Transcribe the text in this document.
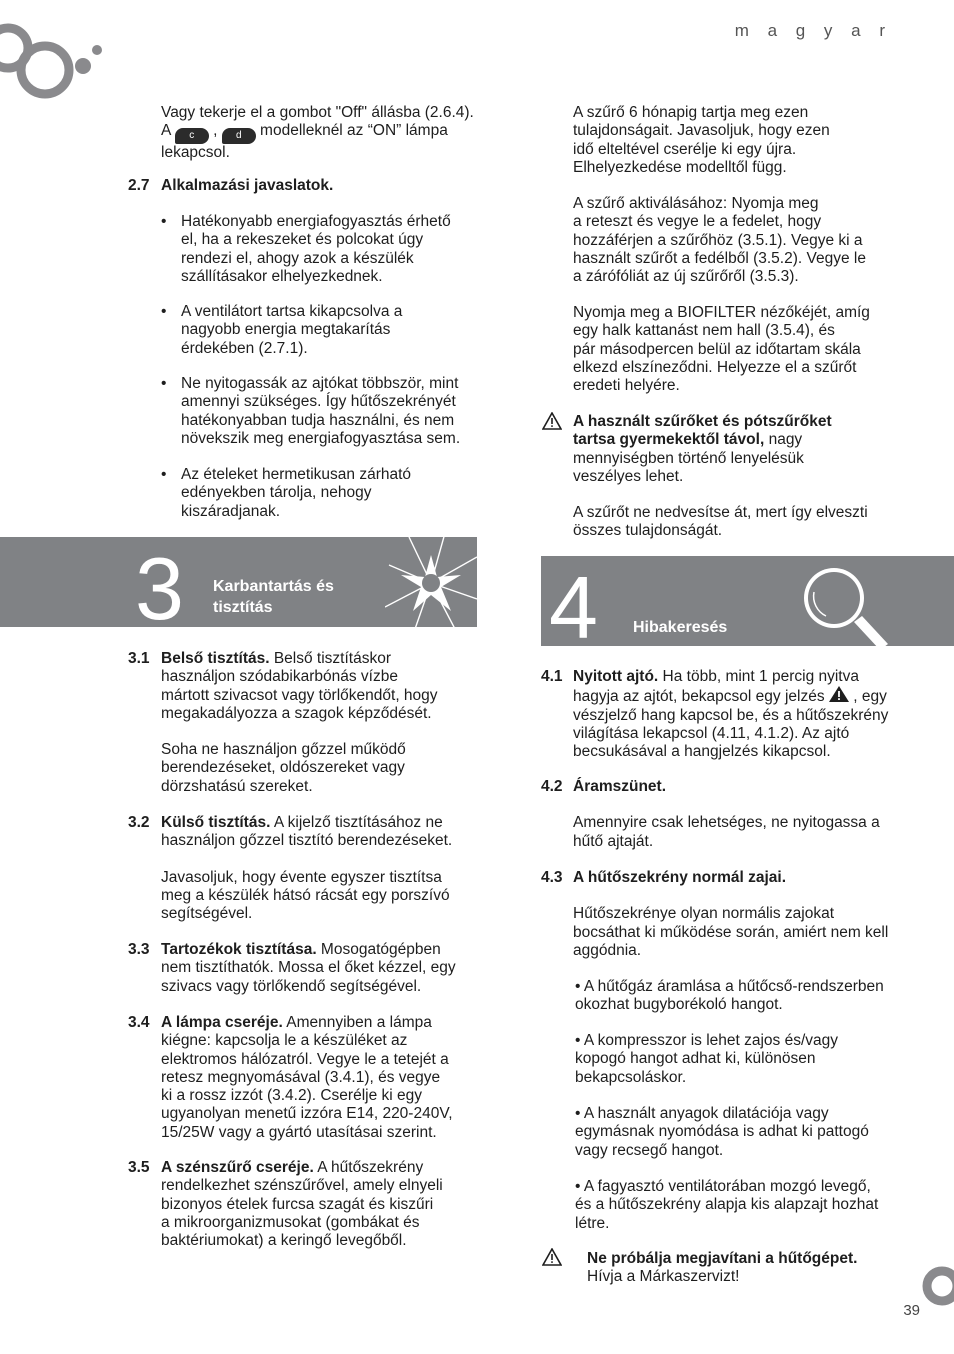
m a g y a r
39

Vagy tekerje el a gombot "Off" állásba (2.6.4). A c , d modelleknél az “ON” lámpa lekapcsol.

2.7 Alkalmazási javaslatok.
• Hatékonyabb energiafogyasztás érhető
el, ha a rekeszeket és polcokat úgy
rendezi el, ahogy azok a készülék
szállításakor elhelyezkednek.

• A ventilátort tartsa kikapcsolva a
nagyobb energia megtakarítás
érdekében (2.7.1).

• Ne nyitogassák az ajtókat többször, mint
amennyi szükséges. Így hűtőszekrényét
hatékonyabban tudja használni, és nem
növekszik meg energiafogyasztása sem.

• Az ételeket hermetikusan zárható
edényekben tárolja, nehogy
kiszáradjanak.

3 Karbantartás és
tisztítás
3.1 Belső tisztítás. Belső tisztításkor
használjon szódabikarbónás vízbe
mártott szivacsot vagy törlőkendőt, hogy
megakadályozza a szagok képződését.

Soha ne használjon gőzzel működő
berendezéseket, oldószereket vagy
dörzshatású szereket.

3.2 Külső tisztítás. A kijelző tisztításához ne
használjon gőzzel tisztító berendezéseket.

Javasoljuk, hogy évente egyszer tisztítsa
meg a készülék hátsó rácsát egy porszívó
segítségével.

3.3 Tartozékok tisztítása. Mosogatógépben
nem tisztíthatók. Mossa el őket kézzel, egy
szivacs vagy törlőkendő segítségével.

3.4 A lámpa cseréje. Amennyiben a lámpa
kiégne: kapcsolja le a készüléket az
elektromos hálózatról. Vegye le a tetejét a
retesz megnyomásával (3.4.1), és vegye
ki a rossz izzót (3.4.2). Cserélje ki egy
ugyanolyan menetű izzóra E14, 220-240V,
15/25W vagy a gyártó utasításai szerint.

3.5 A szénszűrő cseréje. A hűtőszekrény
rendelkezhet szénszűrővel, amely elnyeli
bizonyos ételek furcsa szagát és kiszűri
a mikroorganizmusokat (gombákat és
baktériumokat) a keringő levegőből.

A szűrő 6 hónapig tartja meg ezen
tulajdonságait. Javasoljuk, hogy ezen
idő elteltével cserélje ki egy újra.
Elhelyezkedése modelltől függ.

A szűrő aktiválásához: Nyomja meg
a reteszt és vegye le a fedelet, hogy
hozzáférjen a szűrőhöz (3.5.1). Vegye ki a
használt szűrőt a fedélből (3.5.2). Vegye le
a zárófóliát az új szűrőről (3.5.3).

Nyomja meg a BIOFILTER nézőkéjét, amíg
egy halk kattanást nem hall (3.5.4), és
pár másodpercen belül az időtartam skála
elkezd elszíneződni. Helyezze el a szűrőt
eredeti helyére.

A használt szűrőket és pótszűrőket
tartsa gyermekektől távol, nagy
mennyiségben történő lenyelésük
veszélyes lehet.

A szűrőt ne nedvesítse át, mert így elveszti
összes tulajdonságát.

4 Hibakeresés
4.1 Nyitott ajtó. Ha több, mint 1 percig nyitva
hagyja az ajtót, bekapcsol egy jelzés  , egy
vészjelző hang kapcsol be, és a hűtőszekrény
világítása lekapcsol (4.11, 4.1.2). Az ajtó
becsukásával a hangjelzés kikapcsol.

4.2 Áramszünet.

Amennyire csak lehetséges, ne nyitogassa a
hűtő ajtaját.

4.3 A hűtőszekrény normál zajai.

Hűtőszekrénye olyan normális zajokat
bocsáthat ki működése során, amiért nem kell
aggódnia.

• A hűtőgáz áramlása a hűtőcső-rendszerben
okozhat bugyborékoló hangot.

• A kompresszor is lehet zajos és/vagy
kopogó hangot adhat ki, különösen
bekapcsoláskor.

• A használt anyagok dilatációja vagy
egymásnak nyomódása is adhat ki pattogó
vagy recsegő hangot.

• A fagyasztó ventilátorában mozgó levegő,
és a hűtőszekrény alapja kis alapzajt hozhat
létre.

Ne próbálja megjavítani a hűtőgépet.
Hívja a Márkaszervizt!
